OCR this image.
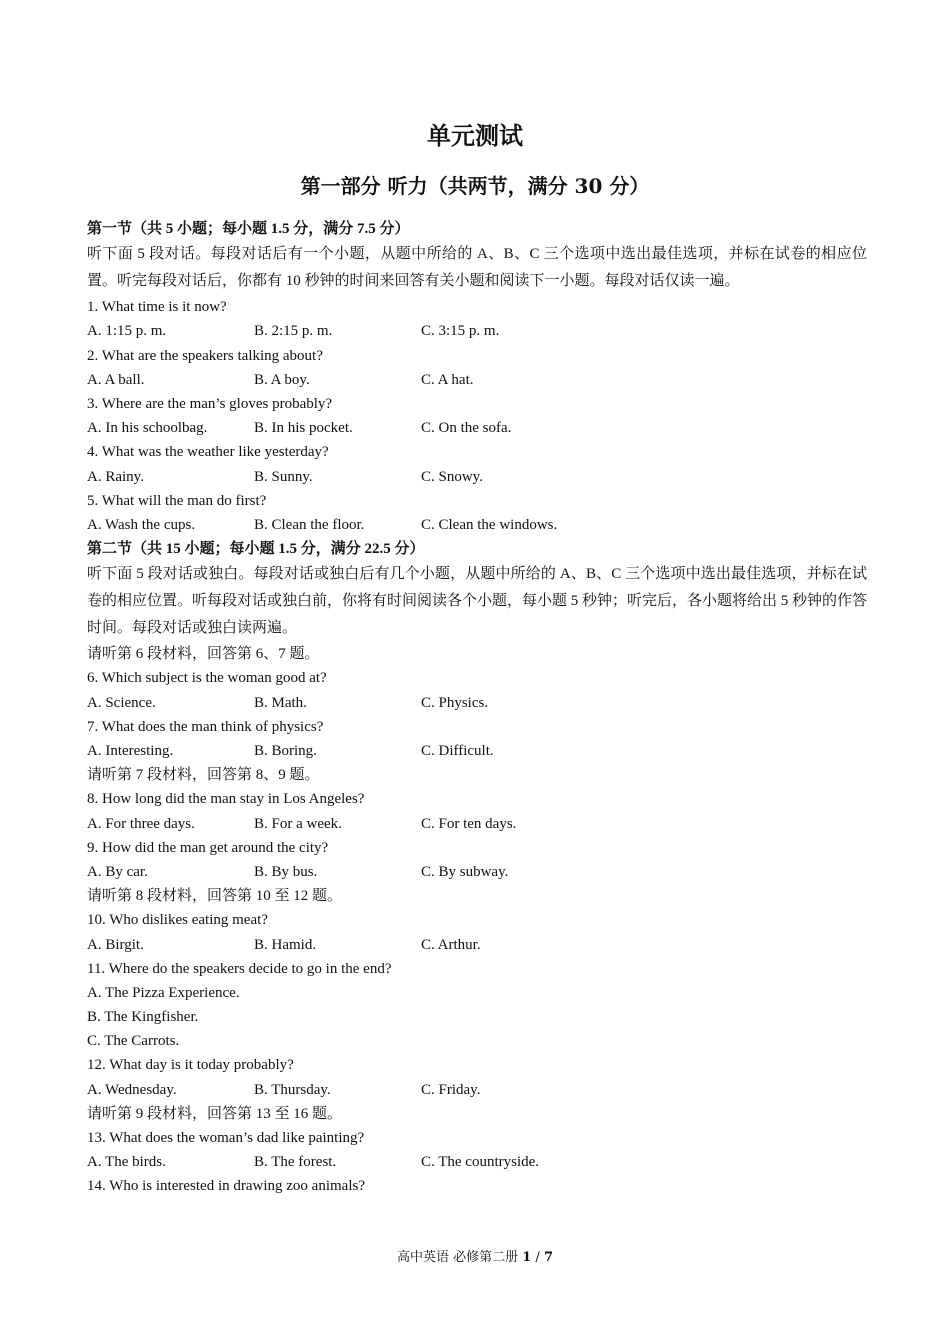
单元测试
第一部分 听力（共两节，满分 30 分）
第一节（共 5 小题；每小题 1.5 分，满分 7.5 分）
听下面 5 段对话。每段对话后有一个小题，从题中所给的 A、B、C 三个选项中选出最佳选项，并标在试卷的相应位置。听完每段对话后，你都有 10 秒钟的时间来回答有关小题和阅读下一小题。每段对话仅读一遍。
1. What time is it now?
A. 1:15 p. m.	B. 2:15 p. m.	C. 3:15 p. m.
2. What are the speakers talking about?
A. A ball.	B. A boy.	C. A hat.
3. Where are the man’s gloves probably?
A. In his schoolbag.	B. In his pocket.	C. On the sofa.
4. What was the weather like yesterday?
A. Rainy.	B. Sunny.	C. Snowy.
5. What will the man do first?
A. Wash the cups.	B. Clean the floor.	C. Clean the windows.
第二节（共 15 小题；每小题 1.5 分，满分 22.5 分）
听下面 5 段对话或独白。每段对话或独白后有几个小题，从题中所给的 A、B、C 三个选项中选出最佳选项，并标在试卷的相应位置。听每段对话或独白前，你将有时间阅读各个小题，每小题 5 秒钟；听完后，各小题将给出 5 秒钟的作答时间。每段对话或独白读两遍。
请听第 6 段材料，回答第 6、7 题。
6. Which subject is the woman good at?
A. Science.	B. Math.	C. Physics.
7. What does the man think of physics?
A. Interesting.	B. Boring.	C. Difficult.
请听第 7 段材料，回答第 8、9 题。
8. How long did the man stay in Los Angeles?
A. For three days.	B. For a week.	C. For ten days.
9. How did the man get around the city?
A. By car.	B. By bus.	C. By subway.
请听第 8 段材料，回答第 10 至 12 题。
10. Who dislikes eating meat?
A. Birgit.	B. Hamid.	C. Arthur.
11. Where do the speakers decide to go in the end?
A. The Pizza Experience.
B. The Kingfisher.
C. The Carrots.
12. What day is it today probably?
A. Wednesday.	B. Thursday.	C. Friday.
请听第 9 段材料，回答第 13 至 16 题。
13. What does the woman’s dad like painting?
A. The birds.	B. The forest.	C. The countryside.
14. Who is interested in drawing zoo animals?
高中英语 必修第二册 1 / 7
